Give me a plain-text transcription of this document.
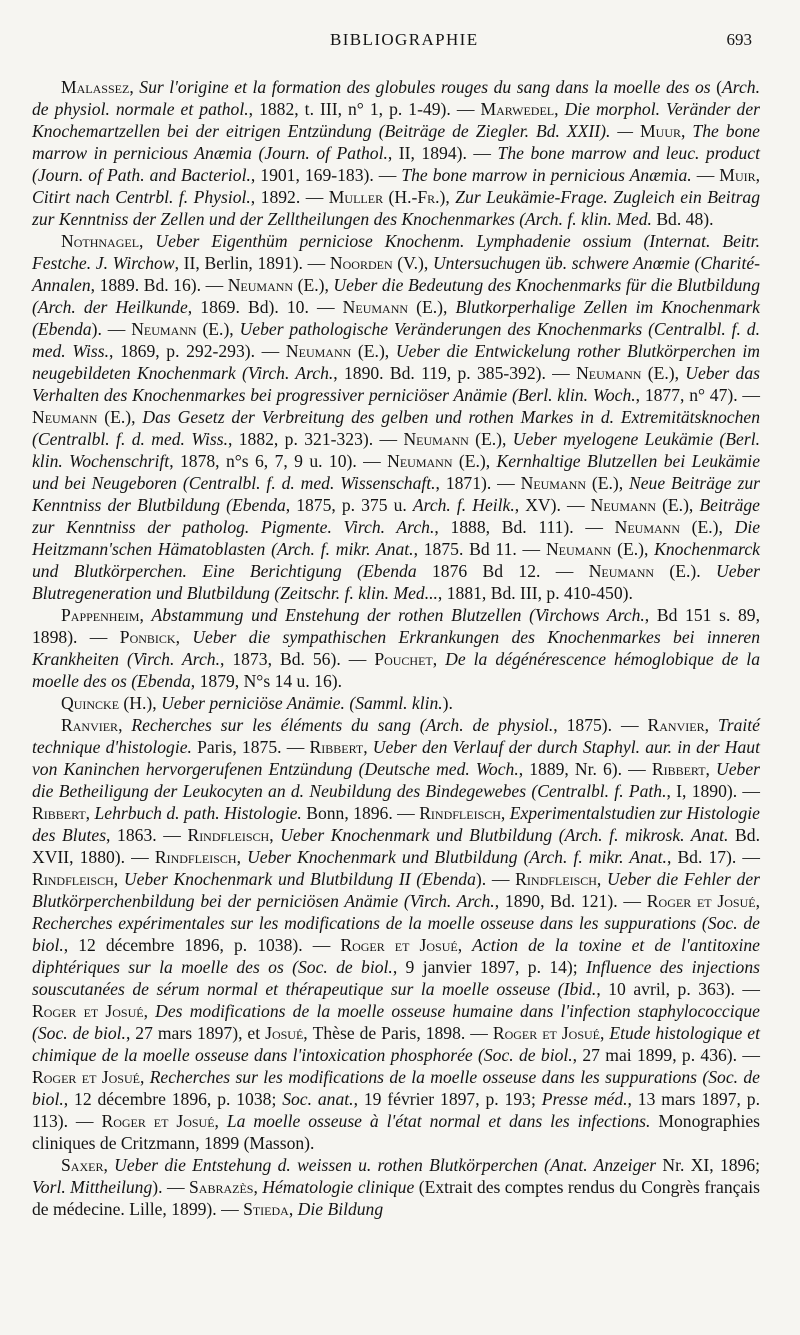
BIBLIOGRAPHIE	693

Malassez, Sur l'origine et la formation des globules rouges du sang dans la moelle des os (Arch. de physiol. normale et pathol., 1882, t. III, n° 1, p. 1-49). — Marwedel, Die morphol. Veränder der Knochemartzellen bei der eitrigen Entzündung (Beiträge de Ziegler. Bd. XXII). — Muur, The bone marrow in pernicious Anæmia (Journ. of Pathol., II, 1894). — The bone marrow and leuc. product (Journ. of Path. and Bacteriol., 1901, 169-183). — The bone marrow in pernicious Anæmia. — Muir, Citirt nach Centrbl. f. Physiol., 1892. — Muller (H.-Fr.), Zur Leukämie-Frage. Zugleich ein Beitrag zur Kenntniss der Zellen und der Zelltheilungen des Knochenmarkes (Arch. f. klin. Med. Bd. 48).

Nothnagel, Ueber Eigenthüm perniciose Knochenm. Lymphadenie ossium (Internat. Beitr. Festche. J. Wirchow, II, Berlin, 1891). — Noorden (V.), Untersuchugen üb. schwere Anœmie (Charité-Annalen, 1889. Bd. 16). — Neumann (E.), Ueber die Bedeutung des Knochenmarks für die Blutbildung (Arch. der Heilkunde, 1869. Bd). 10. — Neumann (E.), Blutkorperhalige Zellen im Knochenmark (Ebenda). — Neumann (E.), Ueber pathologische Veränderungen des Knochenmarks (Centralbl. f. d. med. Wiss., 1869, p. 292-293). — Neumann (E.), Ueber die Entwickelung rother Blutkörperchen im neugebildeten Knochenmark (Virch. Arch., 1890. Bd. 119, p. 385-392). — Neumann (E.), Ueber das Verhalten des Knochenmarkes bei progressiver perniciöser Anämie (Berl. klin. Woch., 1877, n° 47). — Neumann (E.), Das Gesetz der Verbreitung des gelben und rothen Markes in d. Extremitätsknochen (Centralbl. f. d. med. Wiss., 1882, p. 321-323). — Neumann (E.), Ueber myelogene Leukämie (Berl. klin. Wochenschrift, 1878, n°s 6, 7, 9 u. 10). — Neumann (E.), Kernhaltige Blutzellen bei Leukämie und bei Neugeboren (Centralbl. f. d. med. Wissenschaft., 1871). — Neumann (E.), Neue Beiträge zur Kenntniss der Blutbildung (Ebenda, 1875, p. 375 u. Arch. f. Heilk., XV). — Neumann (E.), Beiträge zur Kenntniss der patholog. Pigmente. Virch. Arch., 1888, Bd. 111). — Neumann (E.), Die Heitzmann'schen Hämatoblasten (Arch. f. mikr. Anat., 1875. Bd 11. — Neumann (E.), Knochenmarck und Blutkörperchen. Eine Berichtigung (Ebenda 1876 Bd 12. — Neumann (E.). Ueber Blutregeneration und Blutbildung (Zeitschr. f. klin. Med..., 1881, Bd. III, p. 410-450).

Pappenheim, Abstammung und Enstehung der rothen Blutzellen (Virchows Arch., Bd 151 s. 89, 1898). — Ponbick, Ueber die sympathischen Erkrankungen des Knochenmarkes bei inneren Krankheiten (Virch. Arch., 1873, Bd. 56). — Pouchet, De la dégénérescence hémoglobique de la moelle des os (Ebenda, 1879, N°s 14 u. 16).

Quincke (H.), Ueber perniciöse Anämie. (Samml. klin.).

Ranvier, Recherches sur les éléments du sang (Arch. de physiol., 1875). — Ranvier, Traité technique d'histologie. Paris, 1875. — Ribbert, Ueber den Verlauf der durch Staphyl. aur. in der Haut von Kaninchen hervorgerufenen Entzündung (Deutsche med. Woch., 1889, Nr. 6). — Ribbert, Ueber die Betheiligung der Leukocyten an d. Neubildung des Bindegewebes (Centralbl. f. Path., I, 1890). — Ribbert, Lehrbuch d. path. Histologie. Bonn, 1896. — Rindfleisch, Experimentalstudien zur Histologie des Blutes, 1863. — Rindfleisch, Ueber Knochenmark und Blutbildung (Arch. f. mikrosk. Anat. Bd. XVII, 1880). — Rindfleisch, Ueber Knochenmark und Blutbildung (Arch. f. mikr. Anat., Bd. 17). — Rindfleisch, Ueber Knochenmark und Blutbildung II (Ebenda). — Rindfleisch, Ueber die Fehler der Blutkörperchenbildung bei der perniciösen Anämie (Virch. Arch., 1890, Bd. 121). — Roger et Josué, Recherches expérimentales sur les modifications de la moelle osseuse dans les suppurations (Soc. de biol., 12 décembre 1896, p. 1038). — Roger et Josué, Action de la toxine et de l'antitoxine diphtériques sur la moelle des os (Soc. de biol., 9 janvier 1897, p. 14); Influence des injections souscutanées de sérum normal et thérapeutique sur la moelle osseuse (Ibid., 10 avril, p. 363). — Roger et Josué, Des modifications de la moelle osseuse humaine dans l'infection staphylococcique (Soc. de biol., 27 mars 1897), et Josué, Thèse de Paris, 1898. — Roger et Josué, Etude histologique et chimique de la moelle osseuse dans l'intoxication phosphorée (Soc. de biol., 27 mai 1899, p. 436). — Roger et Josué, Recherches sur les modifications de la moelle osseuse dans les suppurations (Soc. de biol., 12 décembre 1896, p. 1038; Soc. anat., 19 février 1897, p. 193; Presse méd., 13 mars 1897, p. 113). — Roger et Josué, La moelle osseuse à l'état normal et dans les infections. Monographies cliniques de Critzmann, 1899 (Masson).

Saxer, Ueber die Entstehung d. weissen u. rothen Blutkörperchen (Anat. Anzeiger Nr. XI, 1896; Vorl. Mittheilung). — Sabrazès, Hématologie clinique (Extrait des comptes rendus du Congrès français de médecine. Lille, 1899). — Stieda, Die Bildung
